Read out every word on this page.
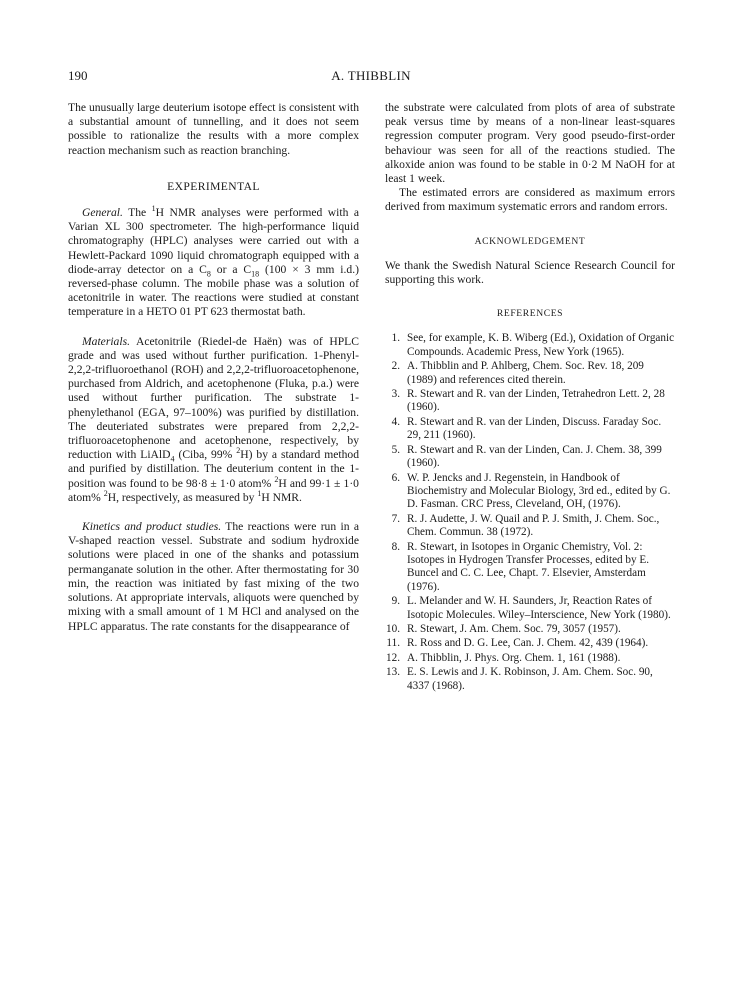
190	A. THIBBLIN

The unusually large deuterium isotope effect is consistent with a substantial amount of tunnelling, and it does not seem possible to rationalize the results with a more complex reaction mechanism such as reaction branching.

EXPERIMENTAL

General. The $^1$H NMR analyses were performed with a Varian XL 300 spectrometer. The high-performance liquid chromatography (HPLC) analyses were carried out with a Hewlett-Packard 1090 liquid chromatograph equipped with a diode-array detector on a $C_8$ or a $C_{18}$ (100 × 3 mm i.d.) reversed-phase column. The mobile phase was a solution of acetonitrile in water. The reactions were studied at constant temperature in a HETO 01 PT 623 thermostat bath.

Materials. Acetonitrile (Riedel-de Haën) was of HPLC grade and was used without further purification. 1-Phenyl-2,2,2-trifluoroethanol (ROH) and 2,2,2-trifluoroacetophenone, purchased from Aldrich, and acetophenone (Fluka, p.a.) were used without further purification. The substrate 1-phenylethanol (EGA, 97–100%) was purified by distillation. The deuteriated substrates were prepared from 2,2,2-trifluoroacetophenone and acetophenone, respectively, by reduction with LiAlD$_4$ (Ciba, 99% $^2$H) by a standard method and purified by distillation. The deuterium content in the 1-position was found to be 98·8 ± 1·0 atom% $^2$H and 99·1 ± 1·0 atom% $^2$H, respectively, as measured by $^1$H NMR.

Kinetics and product studies. The reactions were run in a V-shaped reaction vessel. Substrate and sodium hydroxide solutions were placed in one of the shanks and potassium permanganate solution in the other. After thermostating for 30 min, the reaction was initiated by fast mixing of the two solutions. At appropriate intervals, aliquots were quenched by mixing with a small amount of 1 M HCl and analysed on the HPLC apparatus. The rate constants for the disappearance of

the substrate were calculated from plots of area of substrate peak versus time by means of a non-linear least-squares regression computer program. Very good pseudo-first-order behaviour was seen for all of the reactions studied. The alkoxide anion was found to be stable in 0·2 M NaOH for at least 1 week.

The estimated errors are considered as maximum errors derived from maximum systematic errors and random errors.

ACKNOWLEDGEMENT

We thank the Swedish Natural Science Research Council for supporting this work.

REFERENCES
1. See, for example, K. B. Wiberg (Ed.), Oxidation of Organic Compounds. Academic Press, New York (1965).
2. A. Thibblin and P. Ahlberg, Chem. Soc. Rev. 18, 209 (1989) and references cited therein.
3. R. Stewart and R. van der Linden, Tetrahedron Lett. 2, 28 (1960).
4. R. Stewart and R. van der Linden, Discuss. Faraday Soc. 29, 211 (1960).
5. R. Stewart and R. van der Linden, Can. J. Chem. 38, 399 (1960).
6. W. P. Jencks and J. Regenstein, in Handbook of Biochemistry and Molecular Biology, 3rd ed., edited by G. D. Fasman. CRC Press, Cleveland, OH, (1976).
7. R. J. Audette, J. W. Quail and P. J. Smith, J. Chem. Soc., Chem. Commun. 38 (1972).
8. R. Stewart, in Isotopes in Organic Chemistry, Vol. 2: Isotopes in Hydrogen Transfer Processes, edited by E. Buncel and C. C. Lee, Chapt. 7. Elsevier, Amsterdam (1976).
9. L. Melander and W. H. Saunders, Jr, Reaction Rates of Isotopic Molecules. Wiley–Interscience, New York (1980).
10. R. Stewart, J. Am. Chem. Soc. 79, 3057 (1957).
11. R. Ross and D. G. Lee, Can. J. Chem. 42, 439 (1964).
12. A. Thibblin, J. Phys. Org. Chem. 1, 161 (1988).
13. E. S. Lewis and J. K. Robinson, J. Am. Chem. Soc. 90, 4337 (1968).
